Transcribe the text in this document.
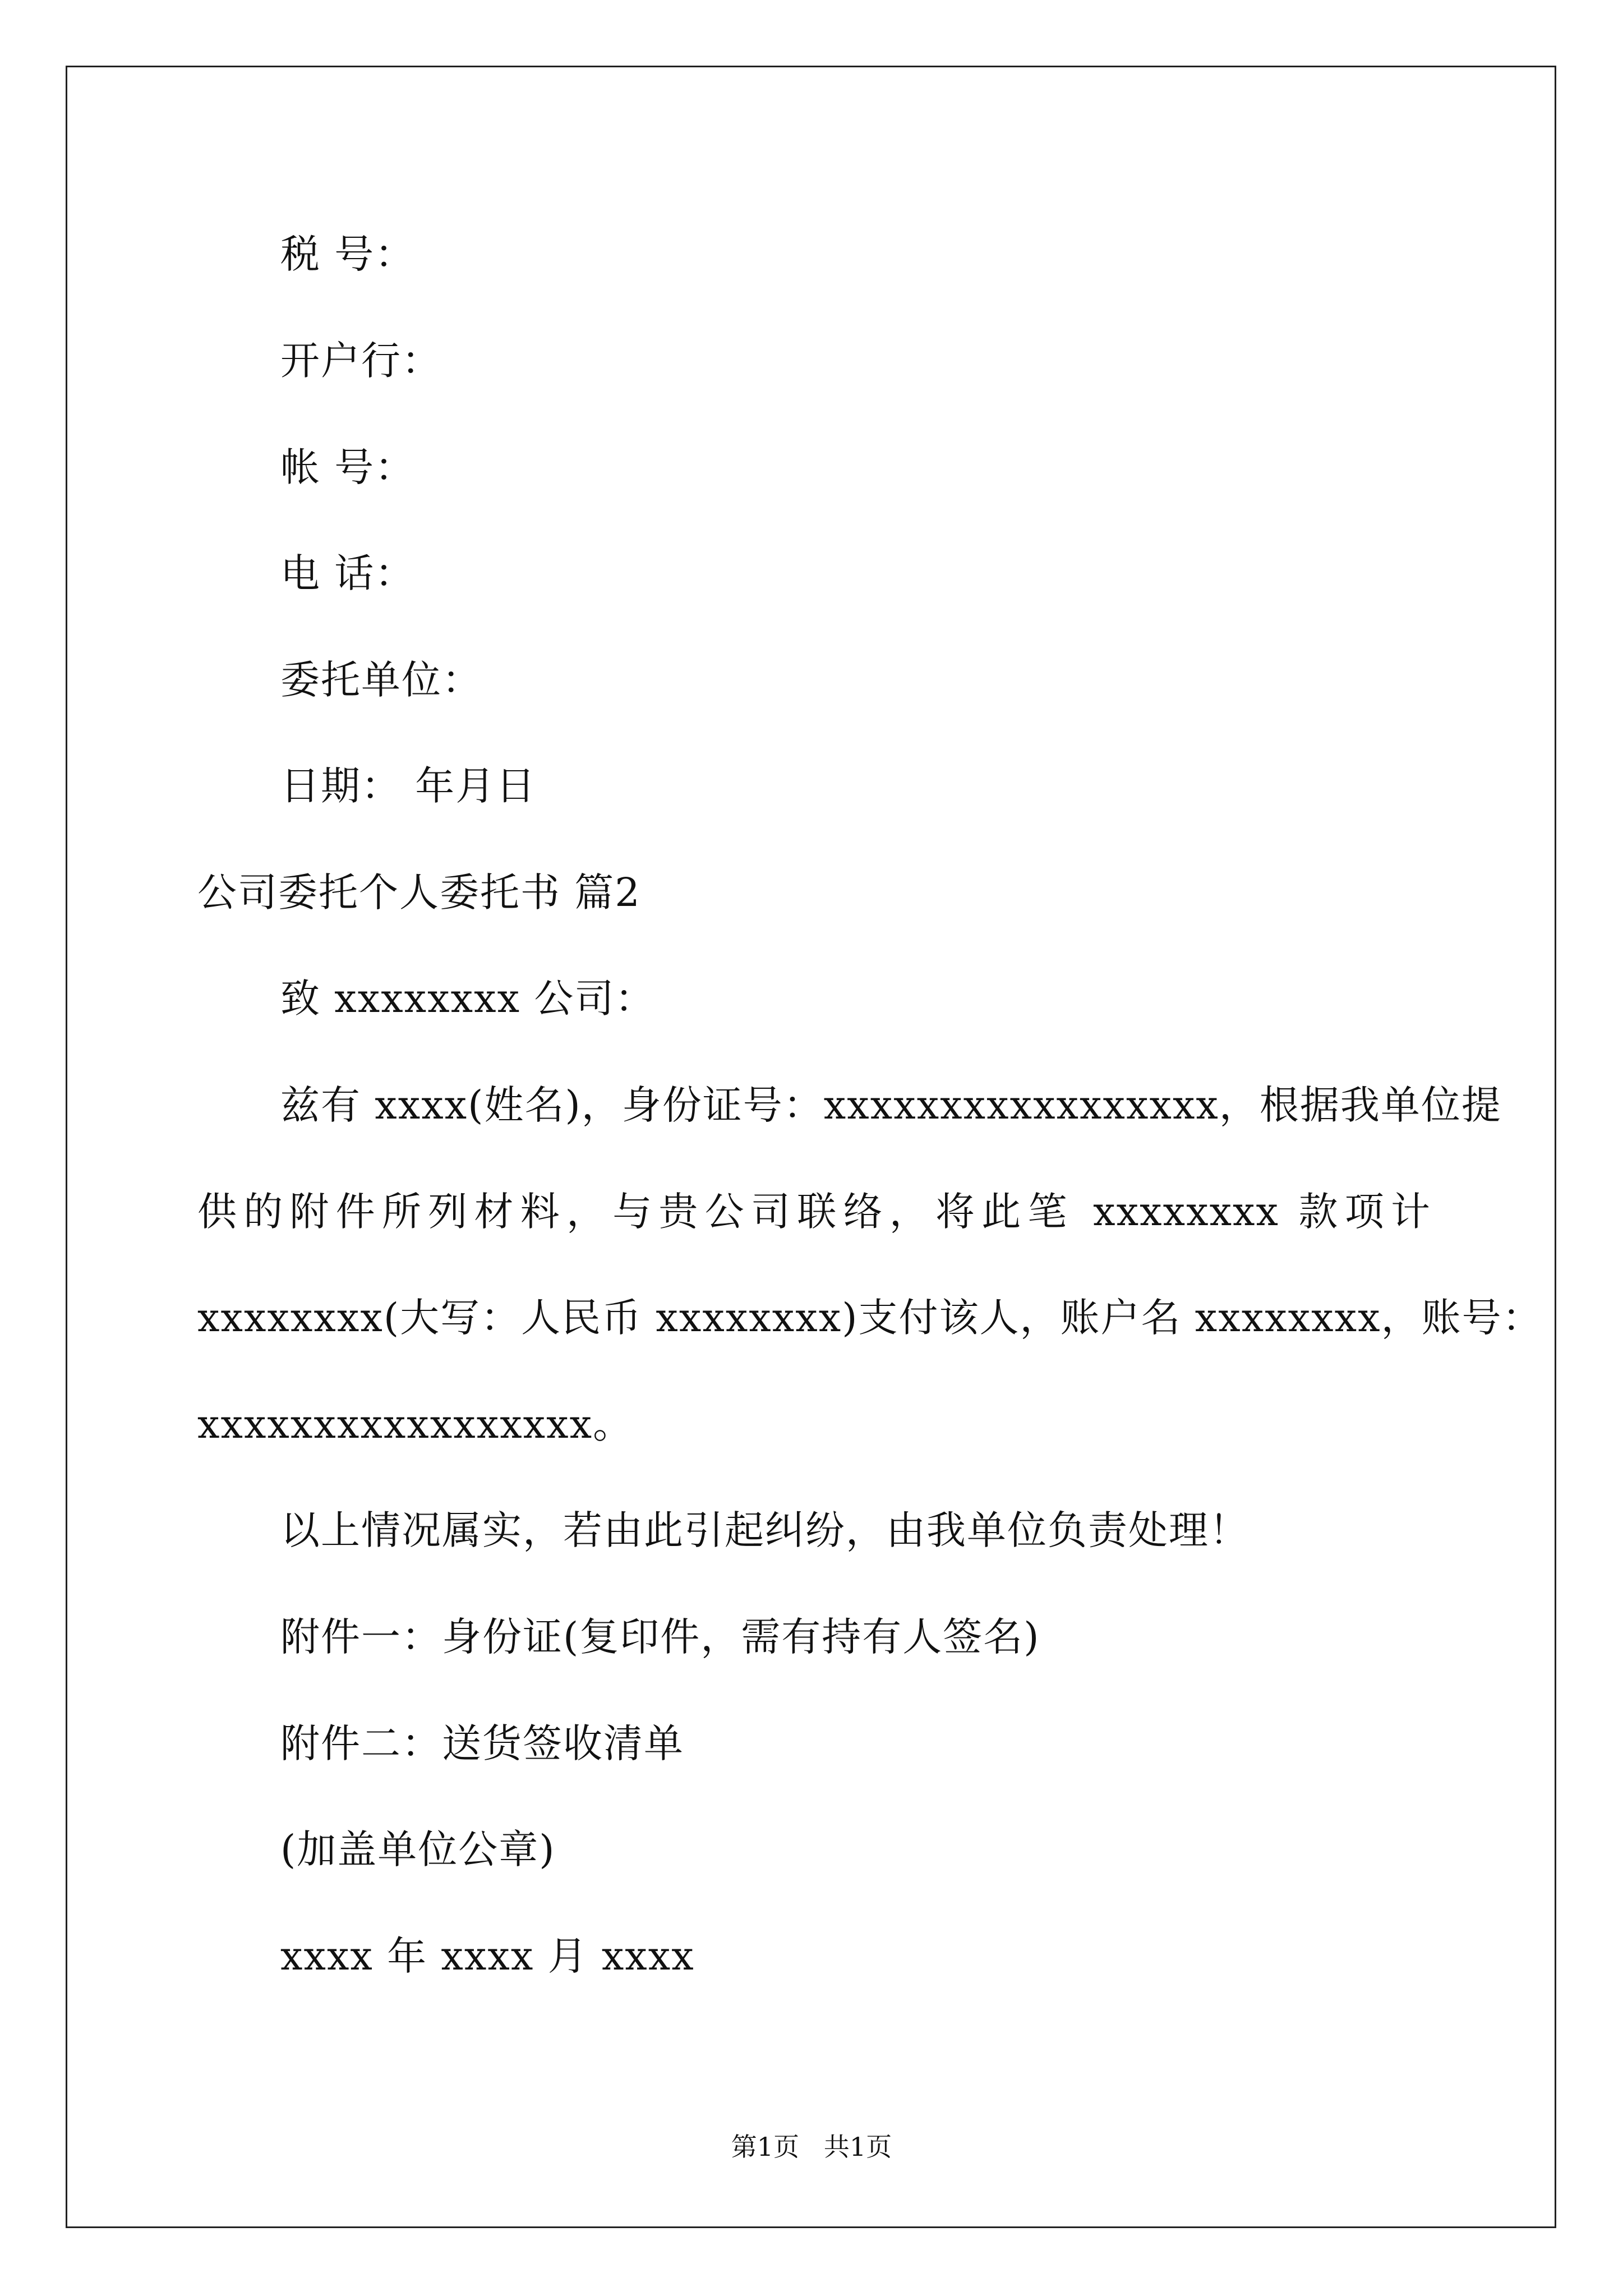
税 号：
开户行：
帐 号：
电 话：
委托单位：
日期： 年月日
公司委托个人委托书 篇2
致 xxxxxxxx 公司：
兹有 xxxx(姓名)，身份证号：xxxxxxxxxxxxxxxxx，根据我单位提
供的附件所列材料，与贵公司联络，将此笔 xxxxxxxx 款项计
xxxxxxxx(大写：人民币 xxxxxxxx)支付该人，账户名 xxxxxxxx，账号：
xxxxxxxxxxxxxxxxx。
以上情况属实，若由此引起纠纷，由我单位负责处理！
附件一：身份证(复印件，需有持有人签名)
附件二：送货签收清单
(加盖单位公章)
xxxx 年 xxxx 月 xxxx
第1页   共1页
